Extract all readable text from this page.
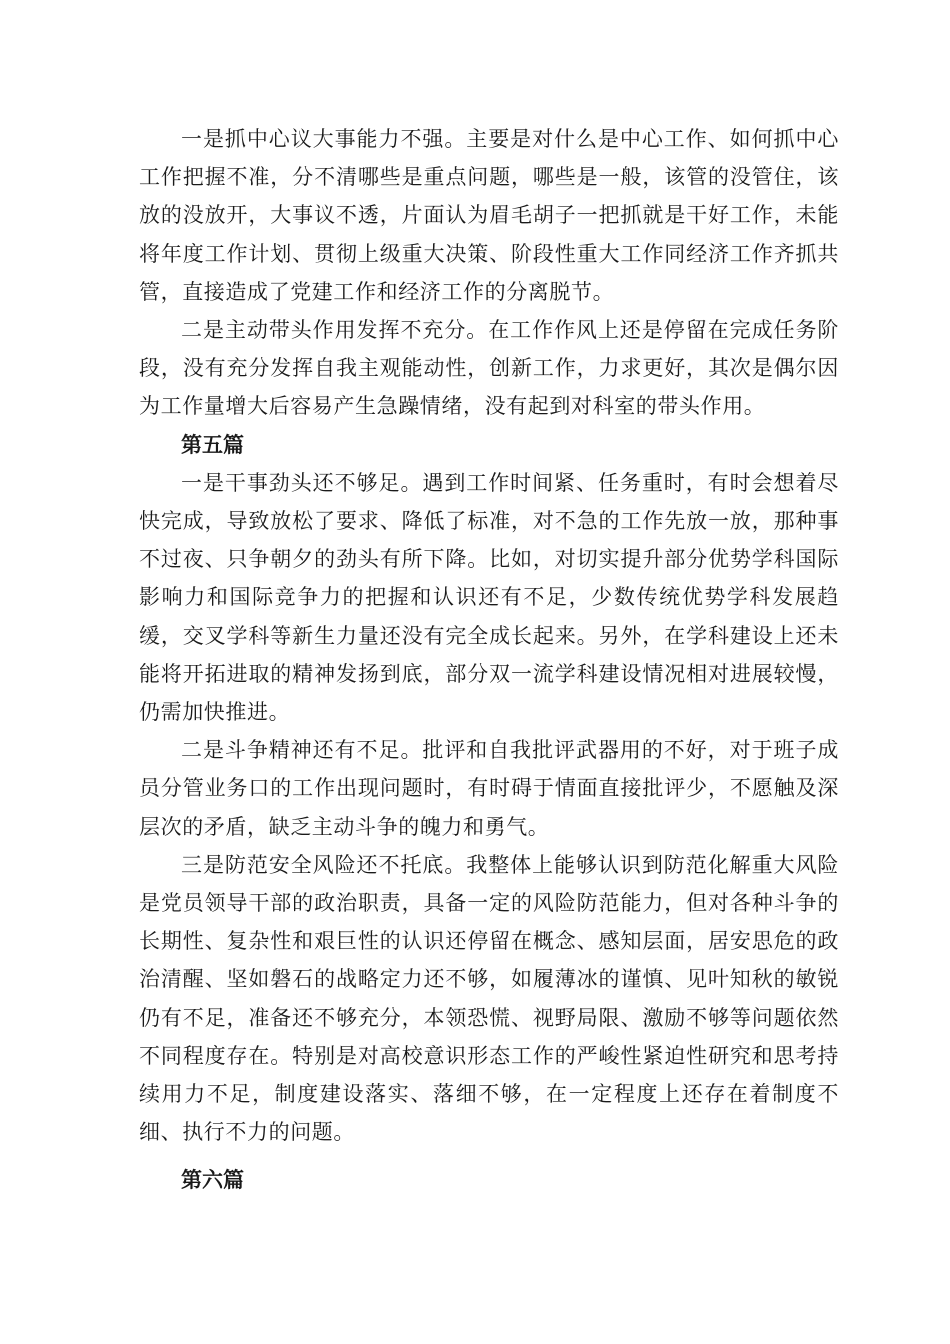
一是抓中心议大事能力不强。主要是对什么是中心工作、如何抓中心工作把握不准，分不清哪些是重点问题，哪些是一般，该管的没管住，该放的没放开，大事议不透，片面认为眉毛胡子一把抓就是干好工作，未能将年度工作计划、贯彻上级重大决策、阶段性重大工作同经济工作齐抓共管，直接造成了党建工作和经济工作的分离脱节。

二是主动带头作用发挥不充分。在工作作风上还是停留在完成任务阶段，没有充分发挥自我主观能动性，创新工作，力求更好，其次是偶尔因为工作量增大后容易产生急躁情绪，没有起到对科室的带头作用。

第五篇

一是干事劲头还不够足。遇到工作时间紧、任务重时，有时会想着尽快完成，导致放松了要求、降低了标准，对不急的工作先放一放，那种事不过夜、只争朝夕的劲头有所下降。比如，对切实提升部分优势学科国际影响力和国际竞争力的把握和认识还有不足，少数传统优势学科发展趋缓，交叉学科等新生力量还没有完全成长起来。另外，在学科建设上还未能将开拓进取的精神发扬到底，部分双一流学科建设情况相对进展较慢，仍需加快推进。

二是斗争精神还有不足。批评和自我批评武器用的不好，对于班子成员分管业务口的工作出现问题时，有时碍于情面直接批评少，不愿触及深层次的矛盾，缺乏主动斗争的魄力和勇气。

三是防范安全风险还不托底。我整体上能够认识到防范化解重大风险是党员领导干部的政治职责，具备一定的风险防范能力，但对各种斗争的长期性、复杂性和艰巨性的认识还停留在概念、感知层面，居安思危的政治清醒、坚如磐石的战略定力还不够，如履薄冰的谨慎、见叶知秋的敏锐仍有不足，准备还不够充分，本领恐慌、视野局限、激励不够等问题依然不同程度存在。特别是对高校意识形态工作的严峻性紧迫性研究和思考持续用力不足，制度建设落实、落细不够，在一定程度上还存在着制度不细、执行不力的问题。

第六篇
